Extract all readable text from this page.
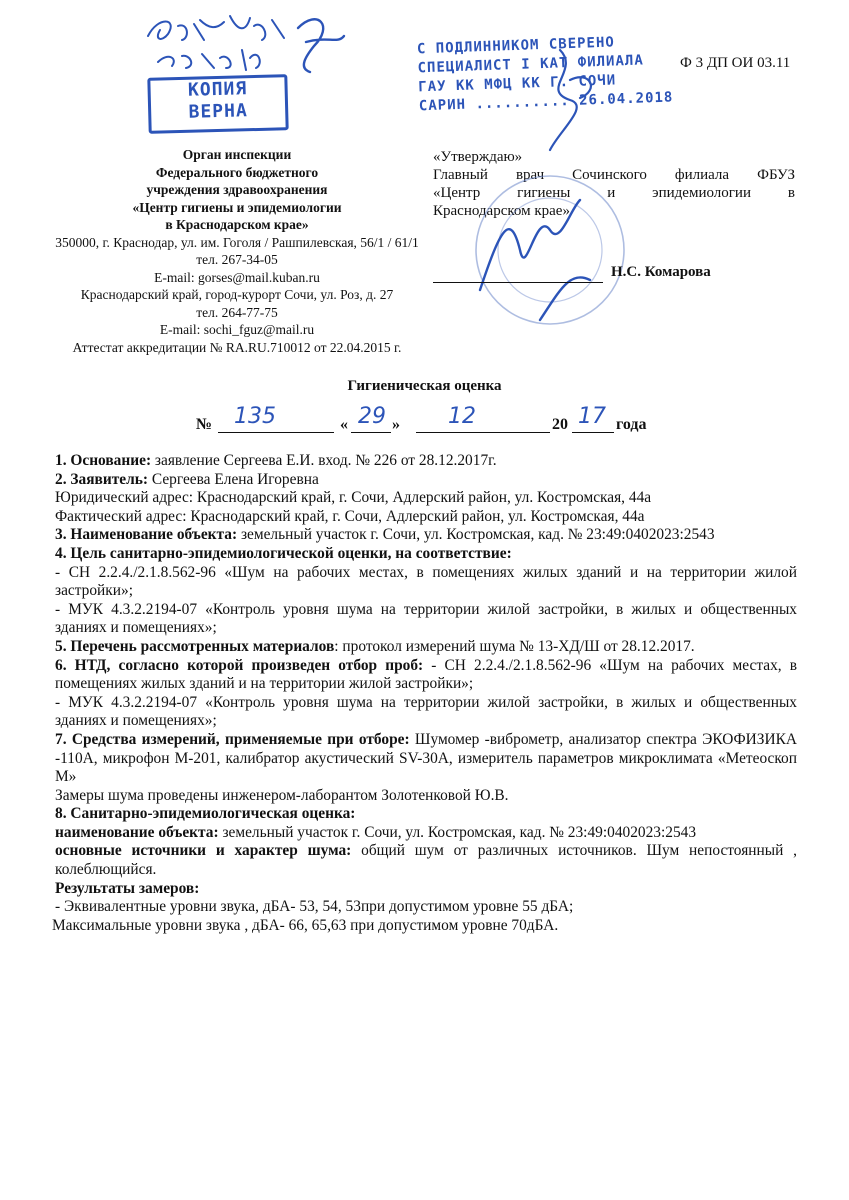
КОПИЯ
ВЕРНА
С ПОДЛИННИКОМ СВЕРЕНО
СПЕЦИАЛИСТ I КАТ ФИЛИАЛА
ГАУ КК МФЦ КК Г. СОЧИ
САРИН .......... 26.04.2018
Ф 3 ДП ОИ 03.11
Орган инспекции
Федерального бюджетного
учреждения здравоохранения
«Центр гигиены и эпидемиологии
в Краснодарском крае»
350000, г. Краснодар, ул. им. Гоголя / Рашпилевская, 56/1 / 61/1
тел. 267-34-05
E-mail: gorses@mail.kuban.ru
Краснодарский край, город-курорт Сочи, ул. Роз, д. 27
тел. 264-77-75
E-mail: sochi_fguz@mail.ru
Аттестат аккредитации № RA.RU.710012 от 22.04.2015 г.
«Утверждаю»
Главный врач Сочинского филиала ФБУЗ
«Центр гигиены и эпидемиологии в
Краснодарском крае»
Н.С. Комарова
Гигиеническая оценка
№ 135	« 29 » 12	20 17 года

1. Основание: заявление Сергеева Е.И. вход. № 226 от 28.12.2017г.

2. Заявитель: Сергеева Елена Игоревна

Юридический адрес: Краснодарский край, г. Сочи, Адлерский район, ул. Костромская, 44а

Фактический адрес: Краснодарский край, г. Сочи, Адлерский район, ул. Костромская, 44а

3. Наименование объекта: земельный участок г. Сочи, ул. Костромская, кад. № 23:49:0402023:2543

4. Цель санитарно-эпидемиологической оценки, на соответствие:

- СН 2.2.4./2.1.8.562-96 «Шум на рабочих местах, в помещениях жилых зданий и на территории жилой застройки»;

- МУК 4.3.2.2194-07 «Контроль уровня шума на территории жилой застройки, в жилых и общественных зданиях и помещениях»;

5. Перечень рассмотренных материалов: протокол измерений шума № 13-ХД/Ш от 28.12.2017.

6. НТД, согласно которой произведен отбор проб: - СН 2.2.4./2.1.8.562-96 «Шум на рабочих местах, в помещениях жилых зданий и на территории жилой застройки»;

- МУК 4.3.2.2194-07 «Контроль уровня шума на территории жилой застройки, в жилых и общественных зданиях и помещениях»;

7. Средства измерений, применяемые при отборе: Шумомер -виброметр, анализатор спектра ЭКОФИЗИКА -110А, микрофон М-201, калибратор акустический SV-30А, измеритель параметров микроклимата «Метеоскоп М»

Замеры шума проведены инженером-лаборантом Золотенковой Ю.В.

8. Санитарно-эпидемиологическая оценка:

наименование объекта: земельный участок г. Сочи, ул. Костромская, кад. № 23:49:0402023:2543

основные источники и характер шума: общий шум от различных источников. Шум непостоянный , колеблющийся.

Результаты замеров:

- Эквивалентные уровни звука, дБА- 53, 54, 53при допустимом уровне 55 дБА;

Максимальные уровни звука , дБА- 66, 65,63 при допустимом уровне 70дБА.
